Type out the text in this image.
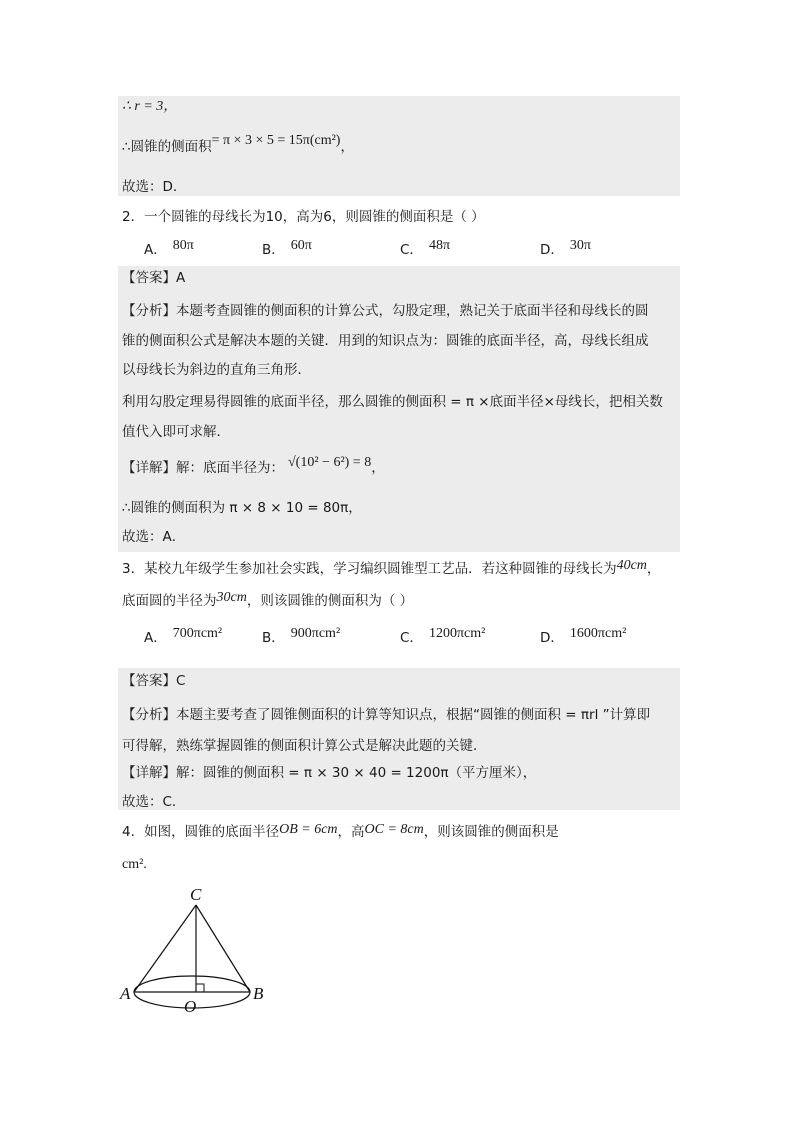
∴ r = 3，
∴圆锥的侧面积= π × 3 × 5 = 15π(cm²)，
故选：D．
2．一个圆锥的母线长为10，高为6，则圆锥的侧面积是（ ）
A． 80π	B． 60π	C． 48π	D． 30π
【答案】A
【分析】本题考查圆锥的侧面积的计算公式，勾股定理，熟记关于底面半径和母线长的圆
锥的侧面积公式是解决本题的关键．用到的知识点为：圆锥的底面半径，高，母线长组成
以母线长为斜边的直角三角形．
利用勾股定理易得圆锥的底面半径，那么圆锥的侧面积 = π ×底面半径×母线长，把相关数
值代入即可求解．
【详解】解：底面半径为： √(10² − 6²) = 8，
∴圆锥的侧面积为 π × 8 × 10 = 80π，
故选：A．
3．某校九年级学生参加社会实践，学习编织圆锥型工艺品．若这种圆锥的母线长为40cm，
底面圆的半径为30cm，则该圆锥的侧面积为（ ）
A． 700πcm²	B． 900πcm²	C． 1200πcm²	D． 1600πcm²
【答案】C
【分析】本题主要考查了圆锥侧面积的计算等知识点，根据“圆锥的侧面积 = πrl ”计算即
可得解，熟练掌握圆锥的侧面积计算公式是解决此题的关键．
【详解】解：圆锥的侧面积 = π × 30 × 40 = 1200π（平方厘米），
故选：C．
4．如图，圆锥的底面半径OB = 6cm，高OC = 8cm，则该圆锥的侧面积是
cm².
C
A	B
O
